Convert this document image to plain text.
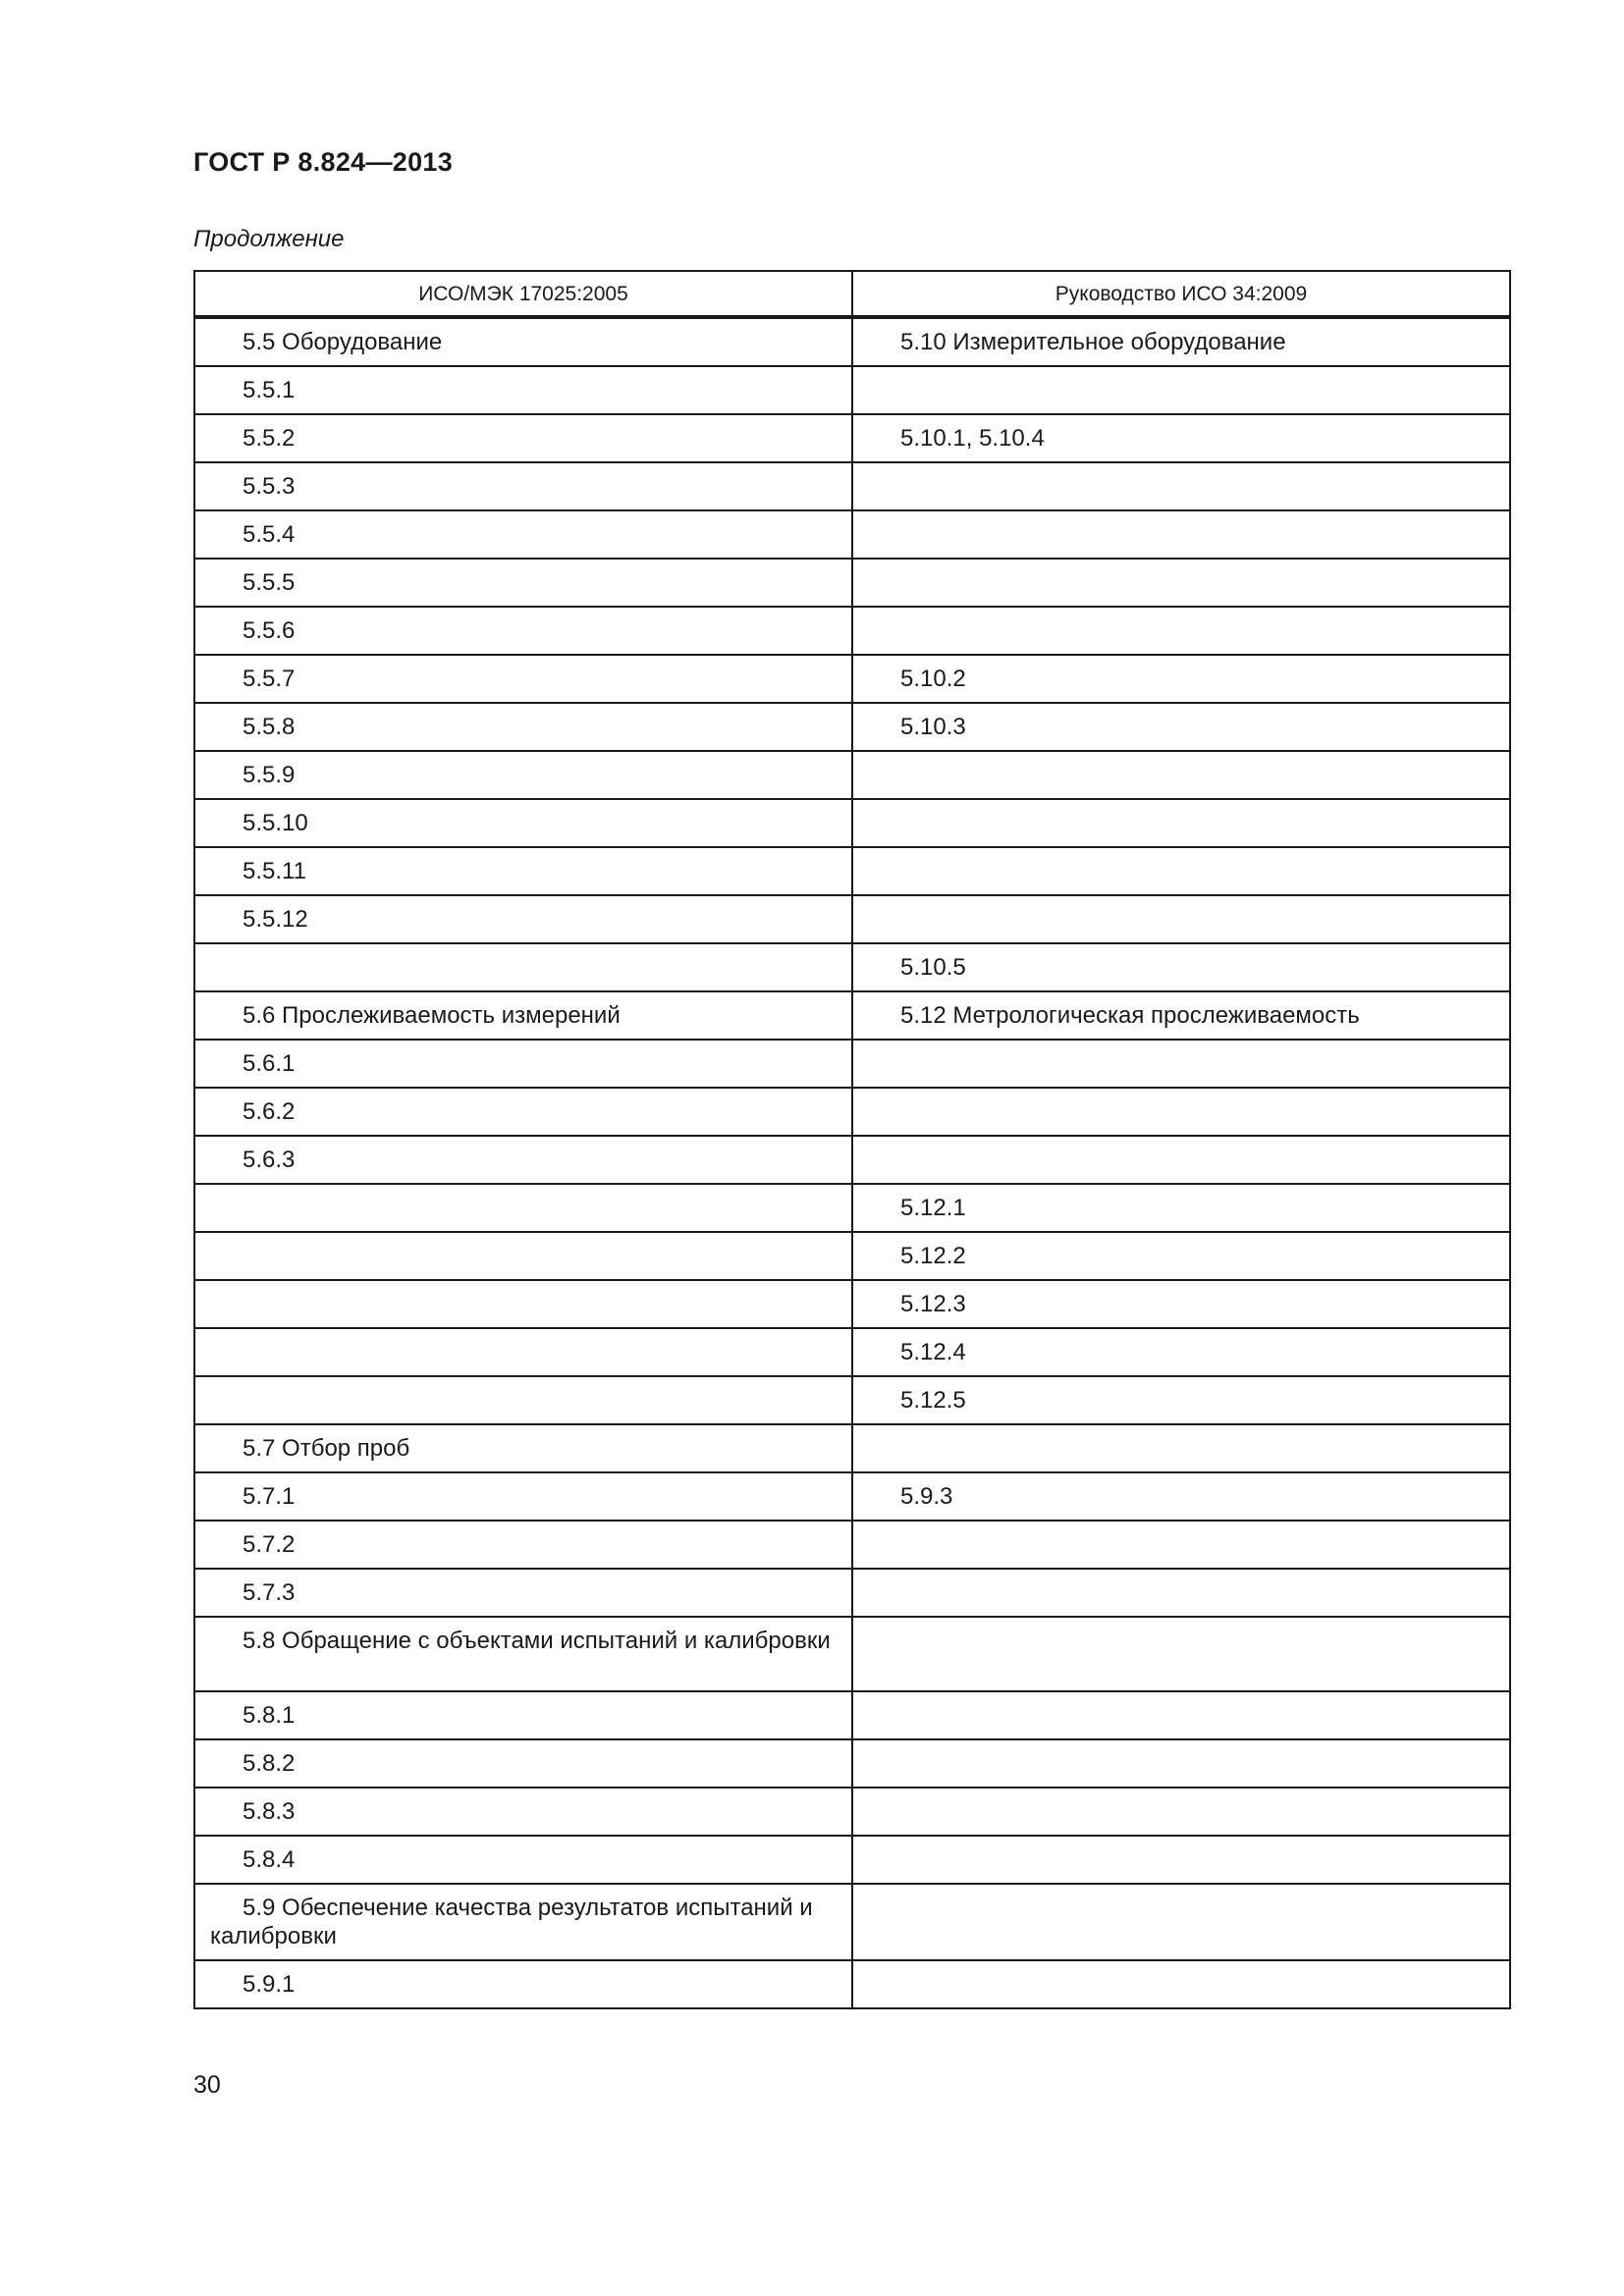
ГОСТ Р 8.824—2013
Продолжение
ИСО/МЭК 17025:2005	Руководство ИСО 34:2009
5.5 Оборудование	5.10 Измерительное оборудование
5.5.1	
5.5.2	5.10.1, 5.10.4
5.5.3	
5.5.4	
5.5.5	
5.5.6	
5.5.7	5.10.2
5.5.8	5.10.3
5.5.9	
5.5.10	
5.5.11	
5.5.12	
	5.10.5
5.6 Прослеживаемость измерений	5.12 Метрологическая прослеживаемость
5.6.1	
5.6.2	
5.6.3	
	5.12.1
	5.12.2
	5.12.3
	5.12.4
	5.12.5
5.7 Отбор проб	
5.7.1	5.9.3
5.7.2	
5.7.3	
5.8 Обращение с объектами испытаний и калибровки	
5.8.1	
5.8.2	
5.8.3	
5.8.4	
5.9 Обеспечение качества результатов испытаний и калибровки	
5.9.1	
30
